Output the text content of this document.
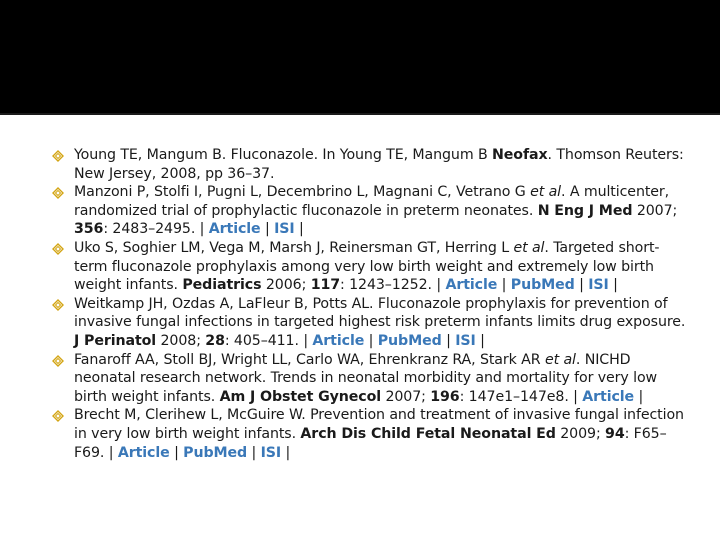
Young TE, Mangum B. Fluconazole. In Young TE, Mangum B Neofax. Thomson Reuters: New Jersey, 2008, pp 36–37.
Manzoni P, Stolfi I, Pugni L, Decembrino L, Magnani C, Vetrano G et al. A multicenter, randomized trial of prophylactic fluconazole in preterm neonates. N Eng J Med 2007; 356: 2483–2495. | Article | ISI |
Uko S, Soghier LM, Vega M, Marsh J, Reinersman GT, Herring L et al. Targeted short-term fluconazole prophylaxis among very low birth weight and extremely low birth weight infants. Pediatrics 2006; 117: 1243–1252. | Article | PubMed | ISI |
Weitkamp JH, Ozdas A, LaFleur B, Potts AL. Fluconazole prophylaxis for prevention of invasive fungal infections in targeted highest risk preterm infants limits drug exposure. J Perinatol 2008; 28: 405–411. | Article | PubMed | ISI |
Fanaroff AA, Stoll BJ, Wright LL, Carlo WA, Ehrenkranz RA, Stark AR et al. NICHD neonatal research network. Trends in neonatal morbidity and mortality for very low birth weight infants. Am J Obstet Gynecol 2007; 196: 147e1–147e8. | Article |
Brecht M, Clerihew L, McGuire W. Prevention and treatment of invasive fungal infection in very low birth weight infants. Arch Dis Child Fetal Neonatal Ed 2009; 94: F65–F69. | Article | PubMed | ISI |
